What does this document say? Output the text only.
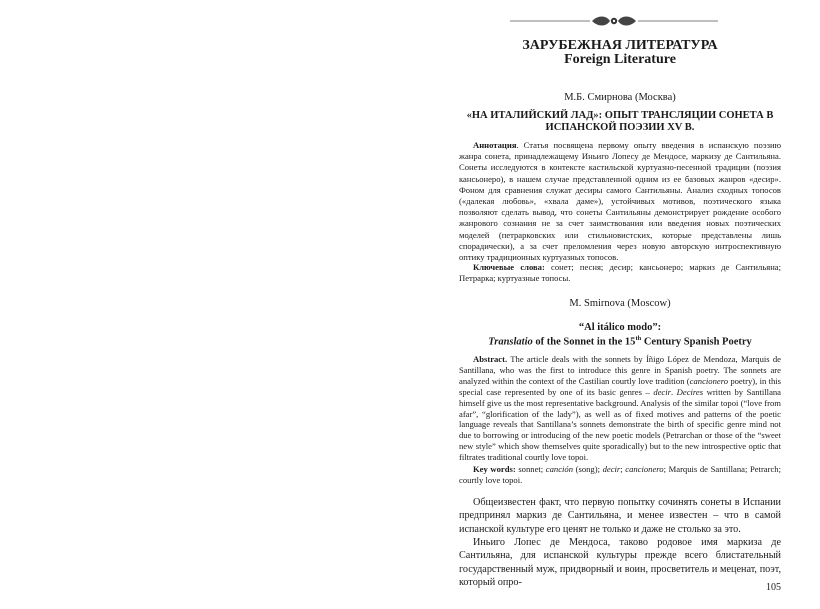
ЗАРУБЕЖНАЯ ЛИТЕРАТУРА
Foreign Literature
М.Б. Смирнова (Москва)
«НА ИТАЛИЙСКИЙ ЛАД»: ОПЫТ ТРАНСЛЯЦИИ СОНЕТА В
ИСПАНСКОЙ ПОЭЗИИ XV В.

Аннотация. Статья посвящена первому опыту введения в испанскую поэзию жанра сонета, принадлежащему Иньиго Лопесу де Мендосе, маркизу де Сантильяна. Сонеты исследуются в контексте кастильской куртуазно-песенной традиции (поэзия кансьонеро), в нашем случае представленной одним из ее базовых жанров «десир». Фоном для сравнения служат десиры самого Сантильяны. Анализ сходных топосов («далекая любовь», «хвала даме»), устойчивых мотивов, поэтического языка позволяют сделать вывод, что сонеты Сантильяны демонстрирует рождение особого жанрового сознания не за счет заимствования или введения новых поэтических моделей (петрарковских или стильновистских, которые представлены лишь спорадически), а за счет преломления через новую авторскую интроспективную оптику традиционных куртуазных топосов.

Ключевые слова: сонет; песня; десир; кансьонеро; маркиз де Сантильяна; Петрарка; куртуазные топосы.

M. Smirnova (Moscow)
“Al itálico modo”:
Translatio of the Sonnet in the 15th Century Spanish Poetry

Abstract. The article deals with the sonnets by Íñigo López de Mendoza, Marquis de Santillana, who was the first to introduce this genre in Spanish poetry. The sonnets are analyzed within the context of the Castilian courtly love tradition (cancionero poetry), in this special case represented by one of its basic genres – decir. Decires written by Santillana himself give us the most representative background. Analysis of the similar topoi (“love from afar”, “glorification of the lady”), as well as of fixed motives and patterns of the poetic language reveals that Santillana’s sonnets demonstrate the birth of specific genre mind not due to borrowing or introducing of the new poetic models (Petrarchan or those of the “sweet new style” which show themselves quite sporadically) but to the new introspective optic that filtrates traditional courtly love topoi.

Key words: sonnet; canción (song); decir; cancionero; Marquis de Santillana; Petrarch; courtly love topoi.

Общеизвестен факт, что первую попытку сочинять сонеты в Испании предпринял маркиз де Сантильяна, и менее известен – что в самой испанской культуре его ценят не только и даже не столько за это.

Иньиго Лопес де Мендоса, таково родовое имя маркиза де Сантильяна, для испанской культуры прежде всего блистательный государственный муж, придворный и воин, просветитель и меценат, поэт, который опро-	105
